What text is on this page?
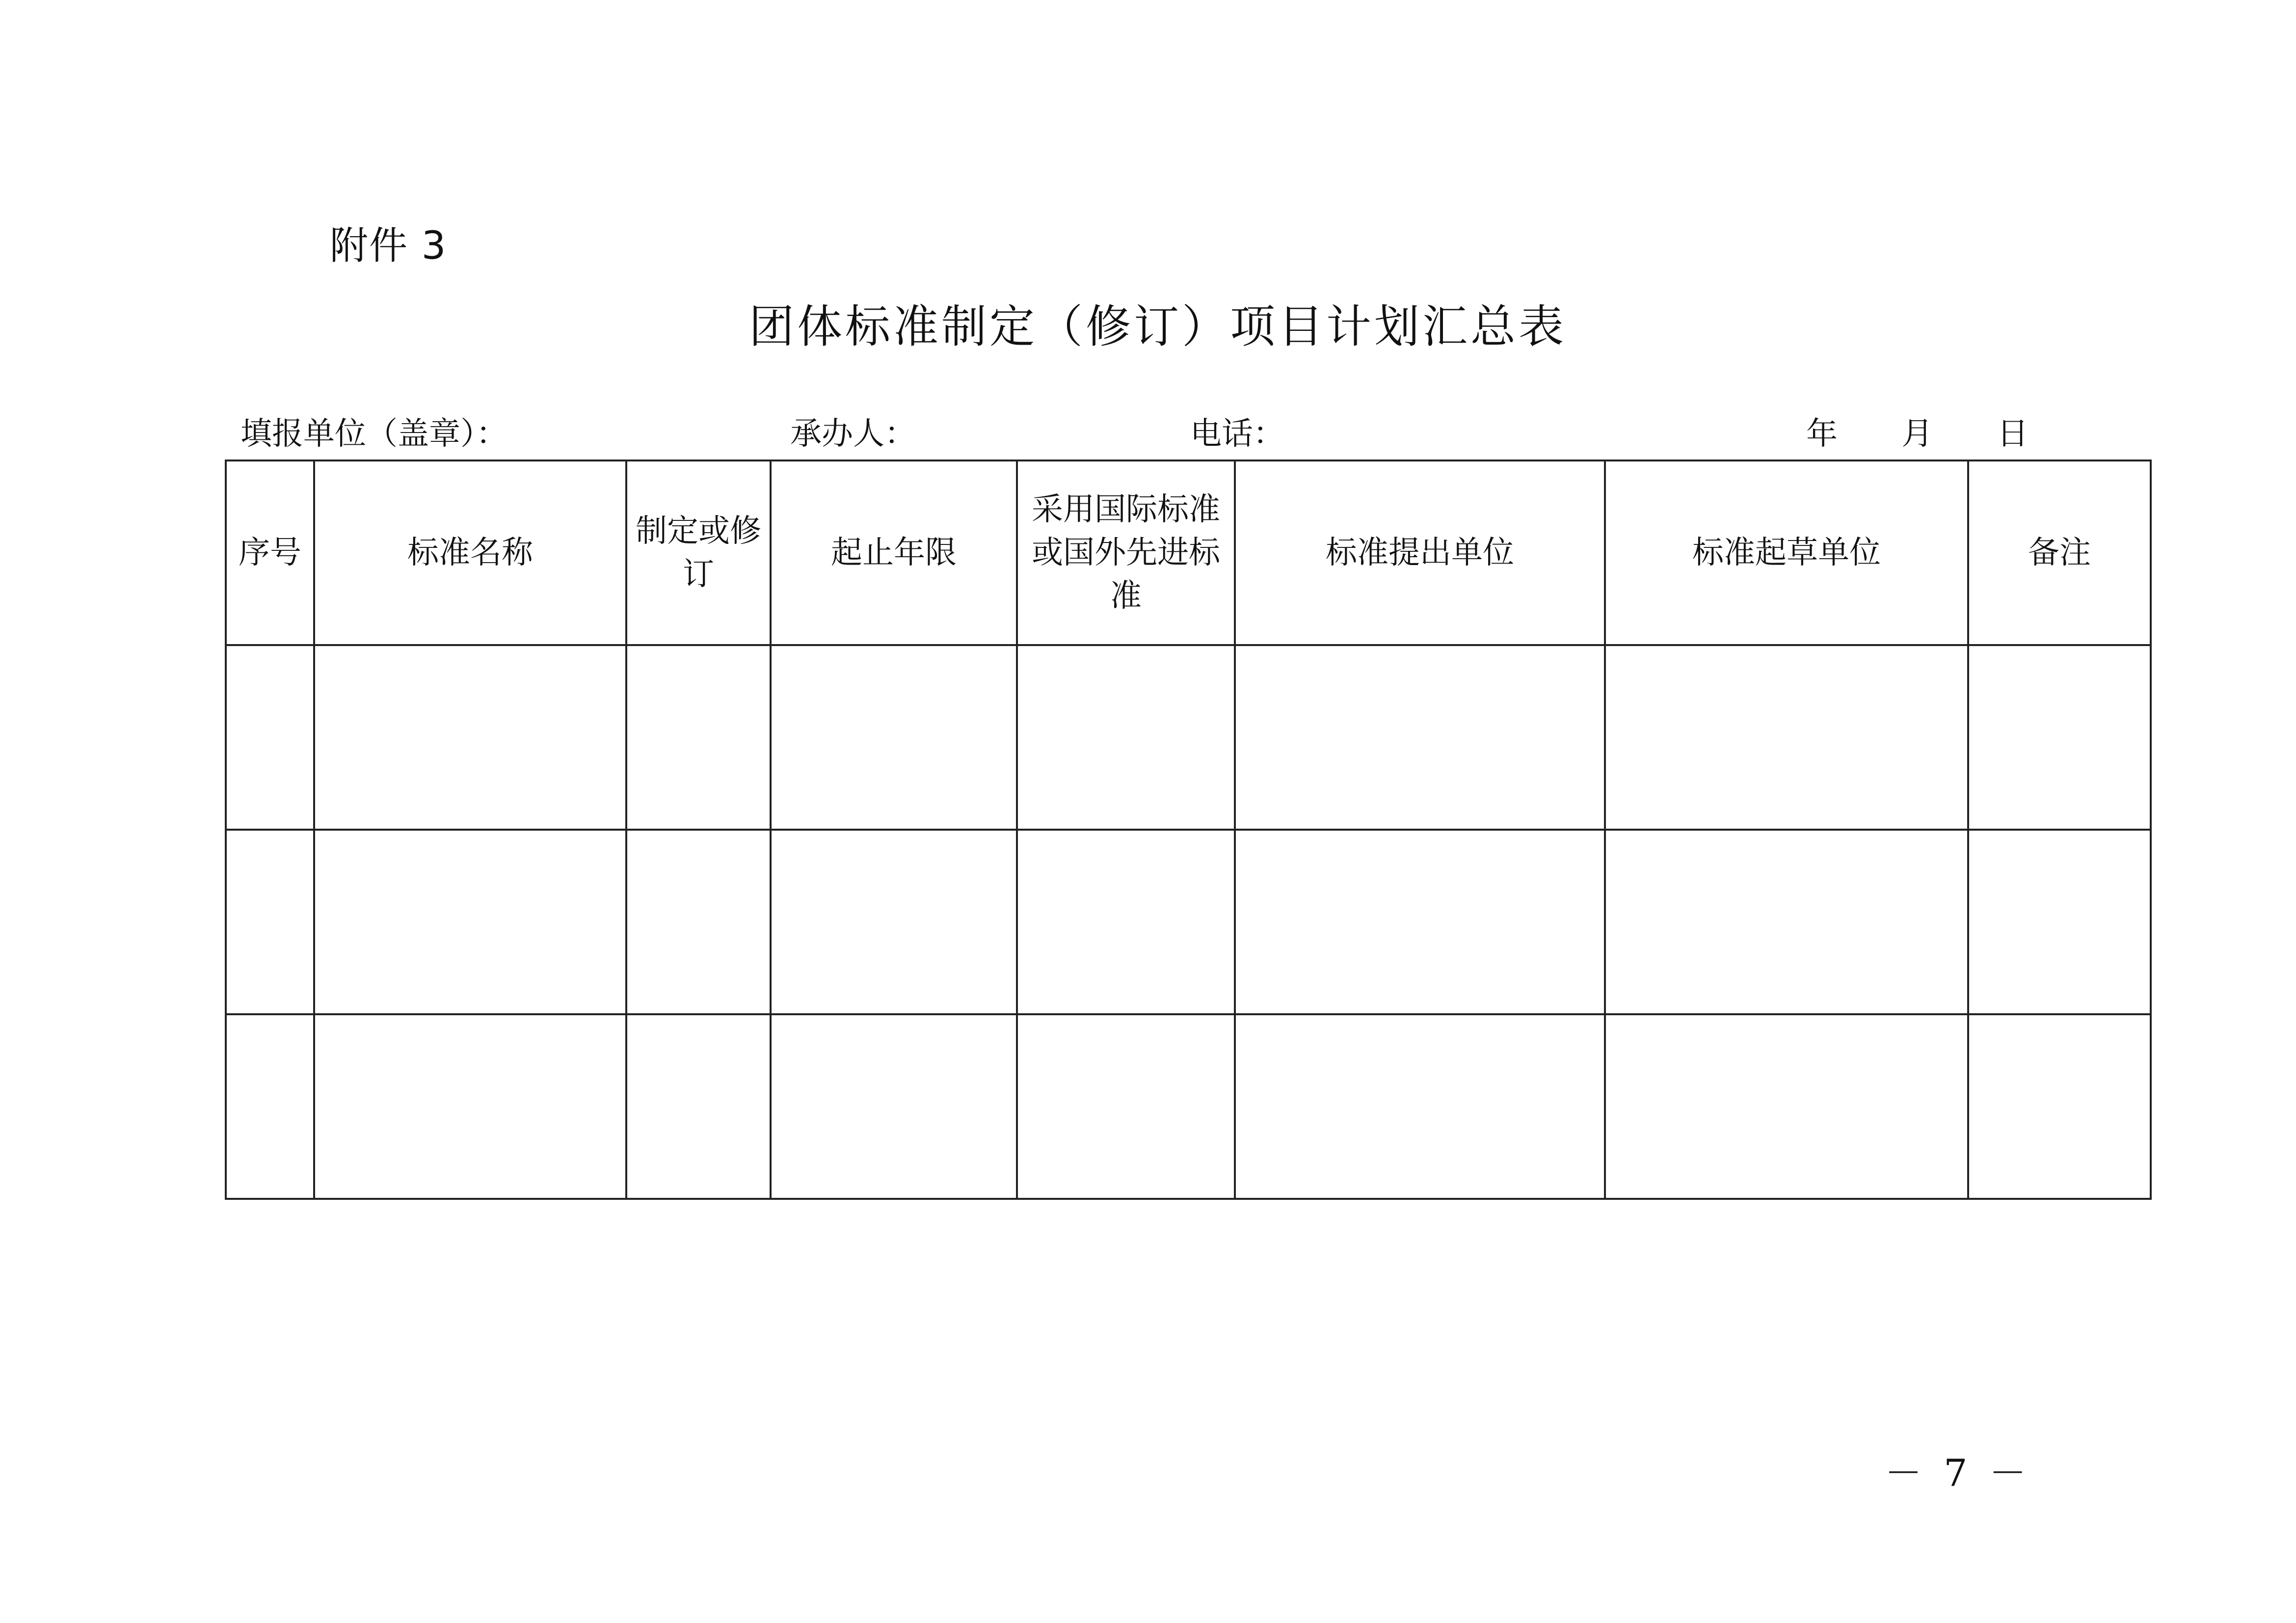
附件 3
团体标准制定（修订）项目计划汇总表
填报单位（盖章）：	承办人：	电话：	年 月 日
序号	标准名称	制定或修订	起止年限	采用国际标准或国外先进标准	标准提出单位	标准起草单位	备注

－ 7 －
